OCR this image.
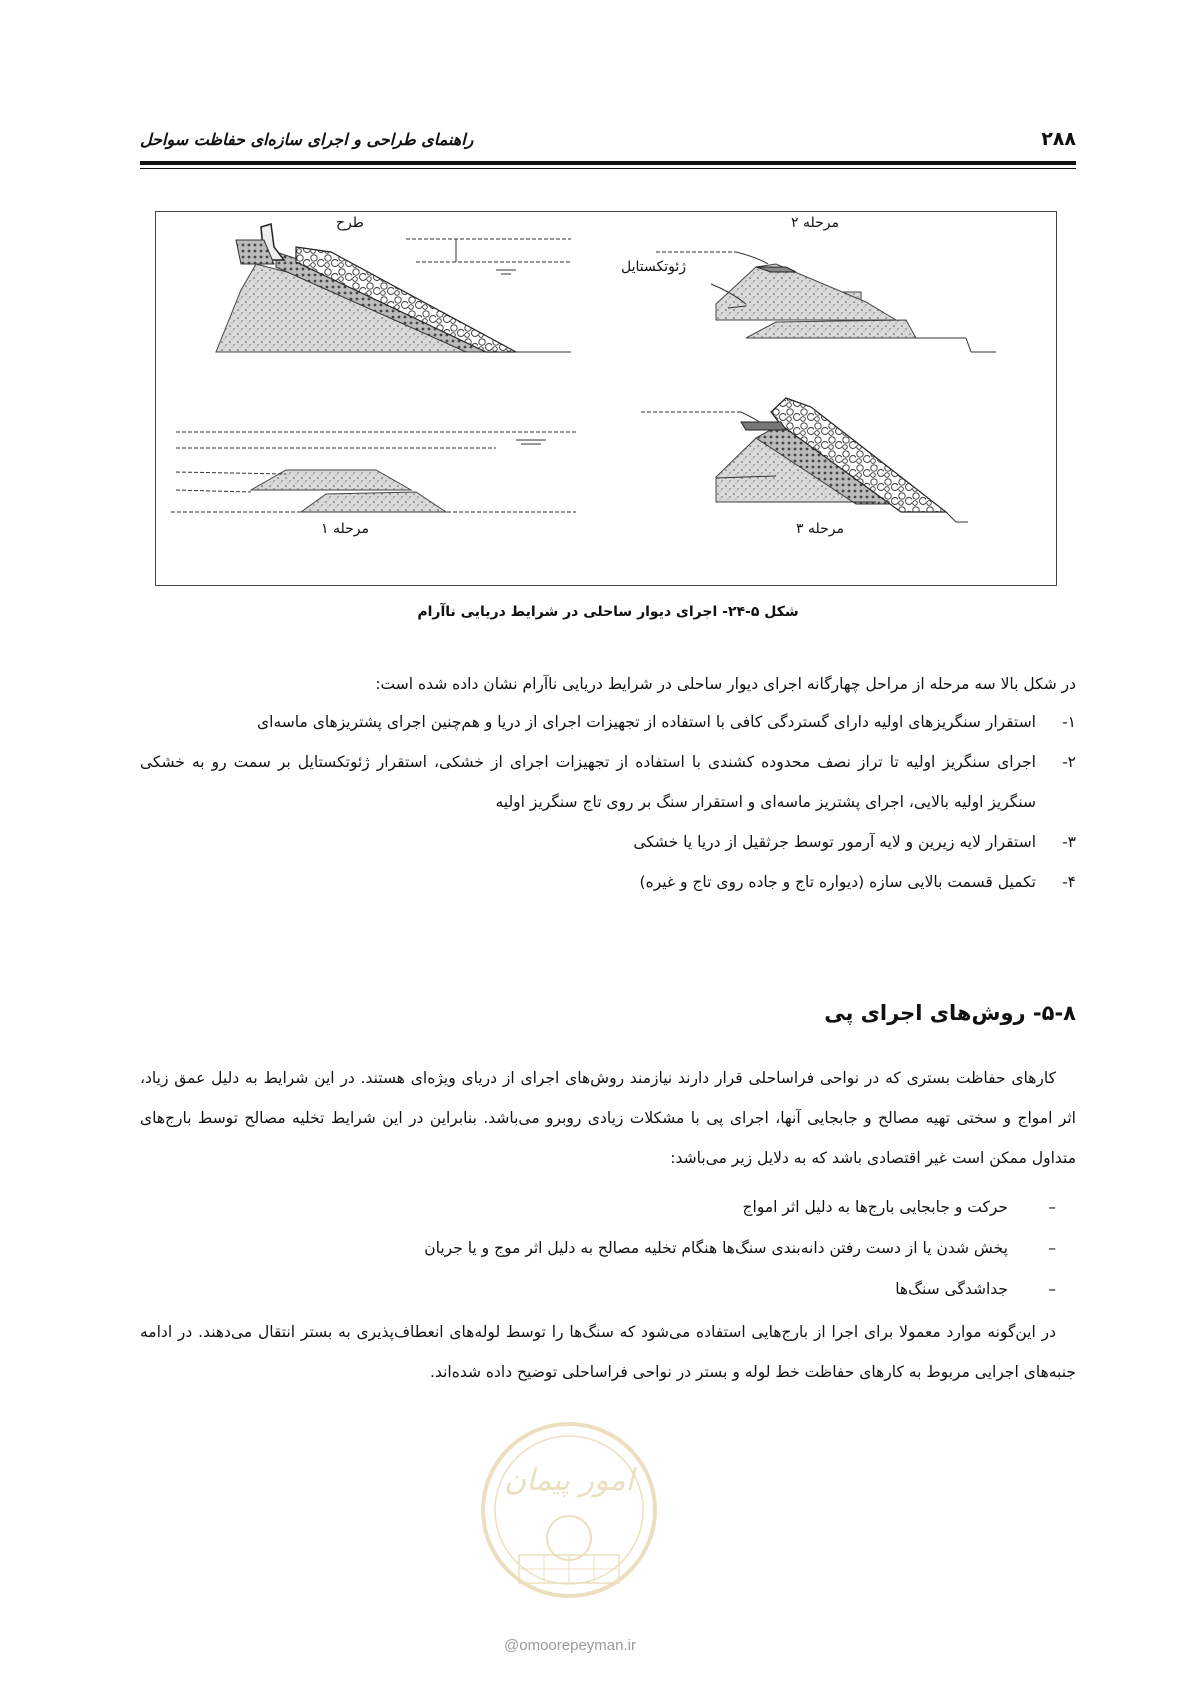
۲۸۸
راهنمای طراحی و اجرای سازه‌ای حفاظت سواحل
طرح	مرحله ۲
ژئوتکستایل
مرحله ۱	مرحله ۳
شکل ۵-۲۴- اجرای دیوار ساحلی در شرایط دریایی ناآرام
در شکل بالا سه مرحله از مراحل چهارگانه اجرای دیوار ساحلی در شرایط دریایی ناآرام نشان داده شده است:
۱-
استقرار سنگریزهای اولیه دارای گستردگی کافی با استفاده از تجهیزات اجرای از دریا و هم‌چنین اجرای پشتریزهای ماسه‌ای
۲-
اجرای سنگریز اولیه تا تراز نصف محدوده کشندی با استفاده از تجهیزات اجرای از خشکی، استقرار ژئوتکستایل بر سمت رو به خشکی سنگریز اولیه بالایی، اجرای پشتریز ماسه‌ای و استقرار سنگ بر روی تاج سنگریز اولیه
۳-
استقرار لایه زیرین و لایه آرمور توسط جرثقیل از دریا یا خشکی
۴-
تکمیل قسمت بالایی سازه (دیواره تاج و جاده روی تاج و غیره)
۵-۸- روش‌های اجرای پی
کارهای حفاظت بستری که در نواحی فراساحلی قرار دارند نیازمند روش‌های اجرای از دریای ویژه‌ای هستند. در این شرایط به دلیل عمق زیاد، اثر امواج و سختی تهیه مصالح و جابجایی آنها، اجرای پی با مشکلات زیادی روبرو می‌باشد. بنابراین در این شرایط تخلیه مصالح توسط بارج‌های متداول ممکن است غیر اقتصادی باشد که به دلایل زیر می‌باشد:
–
حرکت و جابجایی بارج‌ها به دلیل اثر امواج
–
پخش شدن یا از دست رفتن دانه‌بندی سنگ‌ها هنگام تخلیه مصالح به دلیل اثر موج و یا جریان
–
جداشدگی سنگ‌ها
در این‌گونه موارد معمولا برای اجرا از بارج‌هایی استفاده می‌شود که سنگ‌ها را توسط لوله‌های انعطاف‌پذیری به بستر انتقال می‌دهند. در ادامه جنبه‌های اجرایی مربوط به کارهای حفاظت خط لوله و بستر در نواحی فراساحلی توضیح داده شده‌اند.
امور پیمان
@omoorepeyman.ir
